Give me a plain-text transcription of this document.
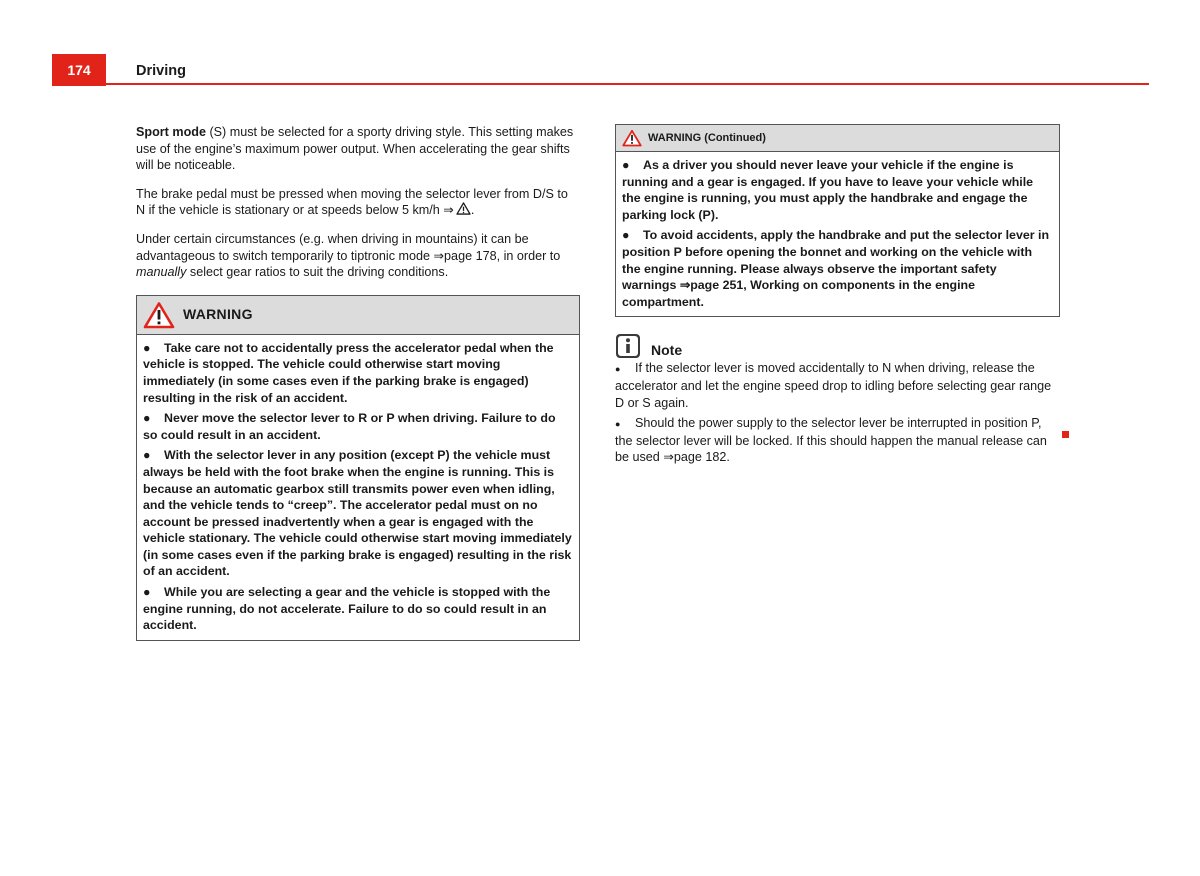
174	Driving

Sport mode (S) must be selected for a sporty driving style. This setting makes use of the engine’s maximum power output. When accelerating the gear shifts will be noticeable.

The brake pedal must be pressed when moving the selector lever from D/S to N if the vehicle is stationary or at speeds below 5 km/h ⇒ .

Under certain circumstances (e.g. when driving in mountains) it can be advantageous to switch temporarily to tiptronic mode ⇒page 178, in order to manually select gear ratios to suit the driving conditions.

WARNING

● Take care not to accidentally press the accelerator pedal when the vehicle is stopped. The vehicle could otherwise start moving immediately (in some cases even if the parking brake is engaged) resulting in the risk of an accident.

● Never move the selector lever to R or P when driving. Failure to do so could result in an accident.

● With the selector lever in any position (except P) the vehicle must always be held with the foot brake when the engine is running. This is because an automatic gearbox still transmits power even when idling, and the vehicle tends to “creep”. The accelerator pedal must on no account be pressed inadvertently when a gear is engaged with the vehicle stationary. The vehicle could otherwise start moving immediately (in some cases even if the parking brake is engaged) resulting in the risk of an accident.

● While you are selecting a gear and the vehicle is stopped with the engine running, do not accelerate. Failure to do so could result in an accident.

WARNING (Continued)

● As a driver you should never leave your vehicle if the engine is running and a gear is engaged. If you have to leave your vehicle while the engine is running, you must apply the handbrake and engage the parking lock (P).

● To avoid accidents, apply the handbrake and put the selector lever in position P before opening the bonnet and working on the vehicle with the engine running. Please always observe the important safety warnings ⇒page 251, Working on components in the engine compartment.

Note

● If the selector lever is moved accidentally to N when driving, release the accelerator and let the engine speed drop to idling before selecting gear range D or S again.

● Should the power supply to the selector lever be interrupted in position P, the selector lever will be locked. If this should happen the manual release can be used ⇒page 182.
